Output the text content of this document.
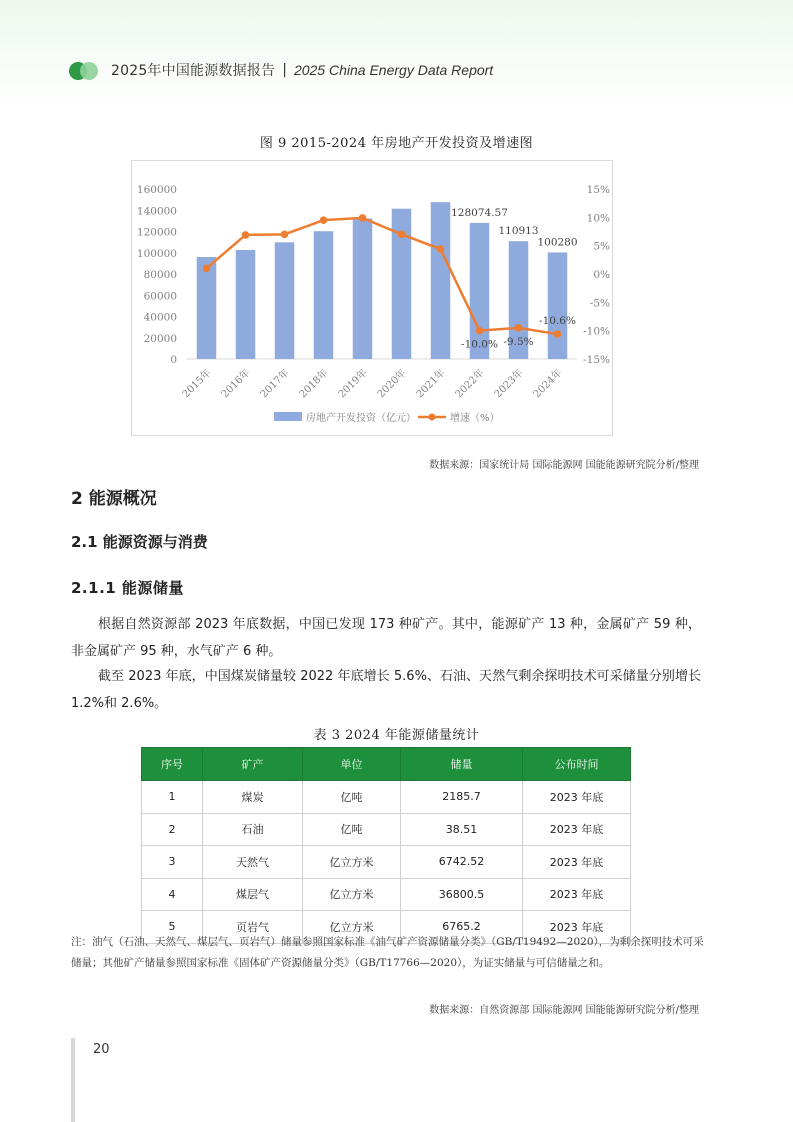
2025年中国能源数据报告 | 2025 China Energy Data Report
图 9 2015-2024 年房地产开发投资及增速图
0
20000
40000
60000
80000
100000
120000
140000
160000
-15%
-10%
-5%
0%
5%
10%
15%
128074.57
110913
100280
2015年 2016年 2017年 2018年 2019年 2020年 2021年 2022年 2023年 2024年
-10.0% -9.5%
-10.6%
房地产开发投资（亿元）	增速（%）
数据来源：国家统计局 国际能源网 国能能源研究院分析/整理
2 能源概况
2.1 能源资源与消费
2.1.1 能源储量
根据自然资源部 2023 年底数据，中国已发现 173 种矿产。其中，能源矿产 13 种，金属矿产 59 种，非金属矿产 95 种，水气矿产 6 种。
截至 2023 年底，中国煤炭储量较 2022 年底增长 5.6%、石油、天然气剩余探明技术可采储量分别增长 1.2%和 2.6%。
表 3 2024 年能源储量统计
序号	矿产	单位	储量	公布时间
1	煤炭	亿吨	2185.7	2023 年底
2	石油	亿吨	38.51	2023 年底
3	天然气	亿立方米	6742.52	2023 年底
4	煤层气	亿立方米	36800.5	2023 年底
5	页岩气	亿立方米	6765.2	2023 年底
注：油气（石油、天然气、煤层气、页岩气）储量参照国家标准《油气矿产资源储量分类》（GB/T19492—2020），为剩余探明技术可采储量；其他矿产储量参照国家标准《固体矿产资源储量分类》（GB/T17766—2020），为证实储量与可信储量之和。
数据来源：自然资源部 国际能源网 国能能源研究院分析/整理
20
